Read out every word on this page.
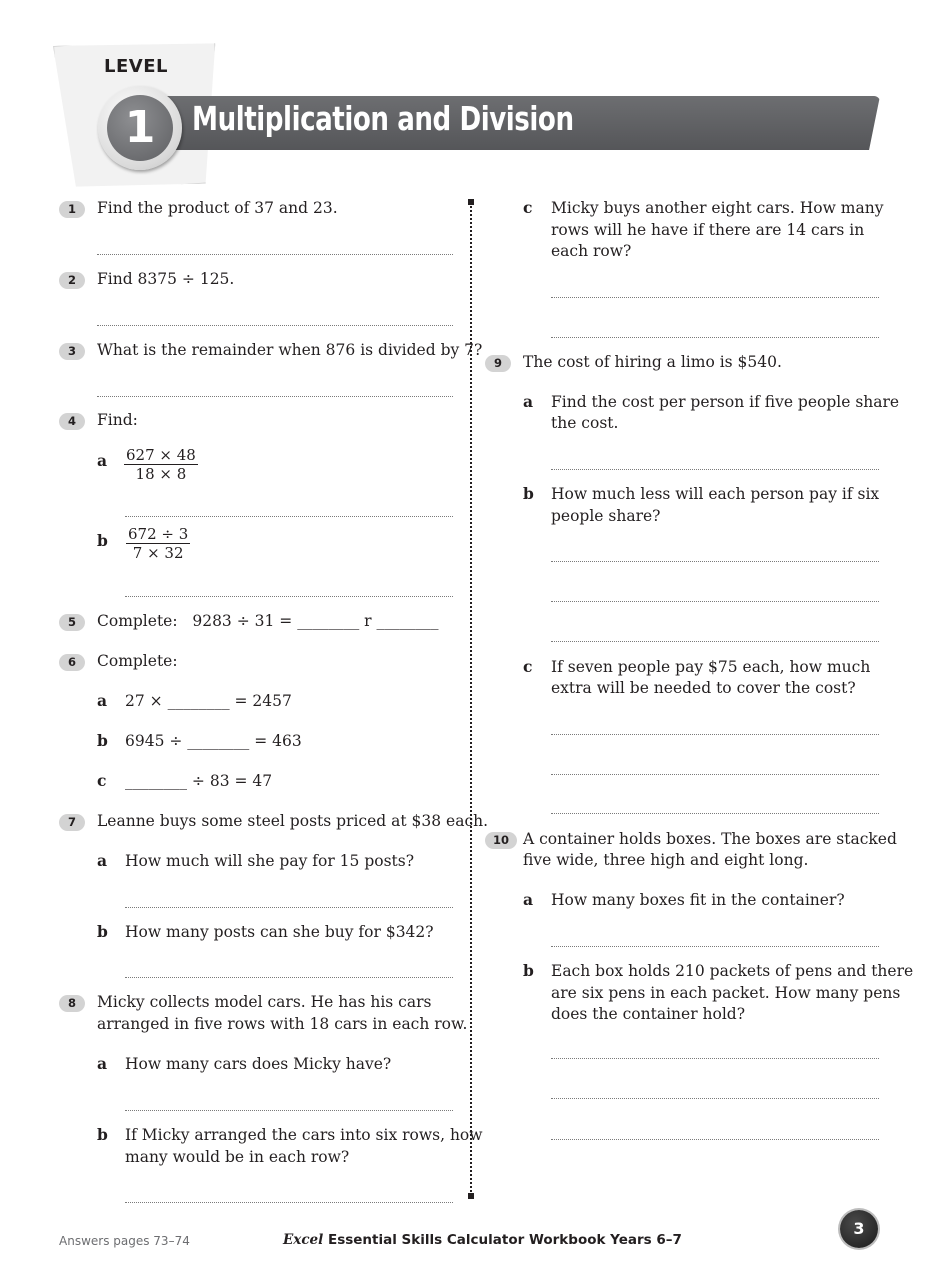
LEVEL
1	Multiplication and Division
1	Find the product of 37 and 23.
2	Find 8375 ÷ 125.
3	What is the remainder when 876 is divided by 7?
4	Find:
a $\frac{627 \times 48}{18 \times 8}$
b $\frac{672 \div 3}{7 \times 32}$
5	Complete:   9283 ÷ 31 = ________ r ________
6	Complete:
a 27 × ________ = 2457
b 6945 ÷ ________ = 463
c ________ ÷ 83 = 47
7	Leanne buys some steel posts priced at $38 each.
a How much will she pay for 15 posts?
b How many posts can she buy for $342?
8	Micky collects model cars. He has his cars
arranged in five rows with 18 cars in each row.
a How many cars does Micky have?
b If Micky arranged the cars into six rows, how
many would be in each row?
c Micky buys another eight cars. How many
rows will he have if there are 14 cars in
each row?
9	The cost of hiring a limo is $540.
a Find the cost per person if five people share
the cost.
b How much less will each person pay if six
people share?
c If seven people pay $75 each, how much
extra will be needed to cover the cost?
10 A container holds boxes. The boxes are stacked
five wide, three high and eight long.
a How many boxes fit in the container?
b Each box holds 210 packets of pens and there
are six pens in each packet. How many pens
does the container hold?
Answers pages 73–74	Excel Essential Skills Calculator Workbook Years 6–7
3
